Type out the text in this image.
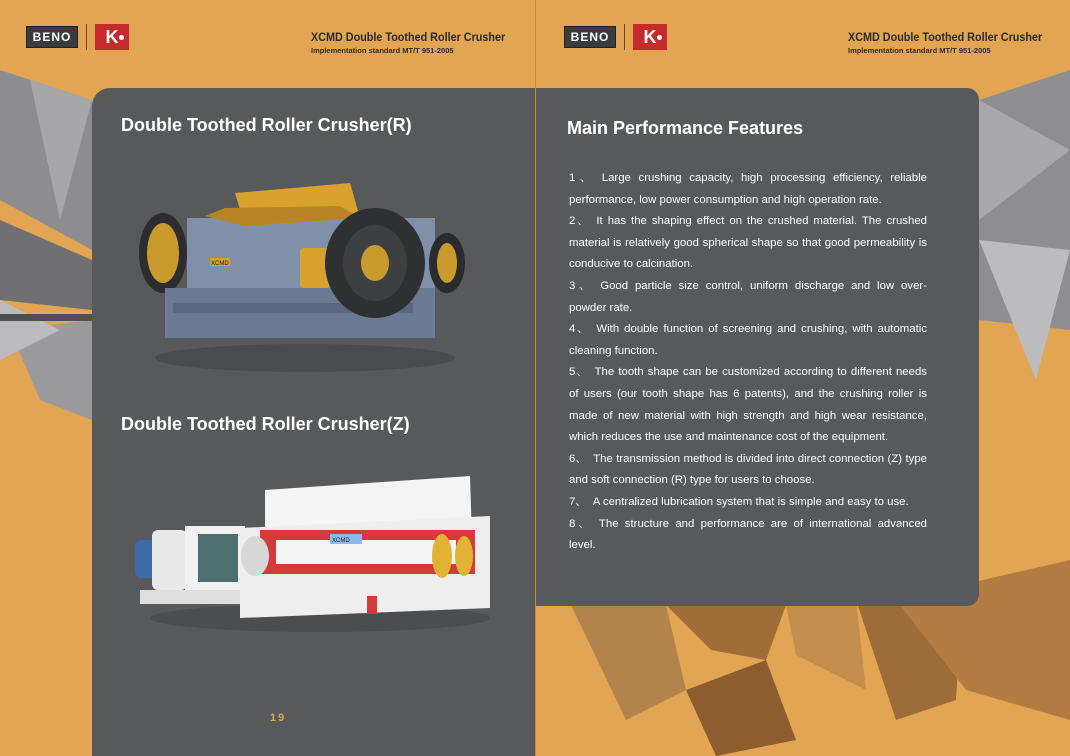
BENO	K	XCMD Double Toothed Roller Crusher
Implementation standard MT/T 951-2005
Double Toothed Roller Crusher(R)
XCMD
Double Toothed Roller Crusher(Z)
XCMD
19
BENO	K	XCMD Double Toothed Roller Crusher
Implementation standard MT/T 951-2005
Main Performance Features

1、 Large crushing capacity, high processing efficiency, reliable performance, low power consumption and high operation rate.

2、 It has the shaping effect on the crushed material. The crushed material is relatively good spherical shape so that good permeability is conducive to calcination.

3、 Good particle size control, uniform discharge and low over-powder rate.

4、 With double function of screening and crushing, with automatic cleaning function.

5、 The tooth shape can be customized according to different needs of users (our tooth shape has 6 patents), and the crushing roller is made of new material with high strength and high wear resistance, which reduces the use and maintenance cost of the equipment.

6、 The transmission method is divided into direct connection (Z) type and soft connection (R) type for users to choose.

7、 A centralized lubrication system that is simple and easy to use.

8、 The structure and performance are of international advanced level.

20
